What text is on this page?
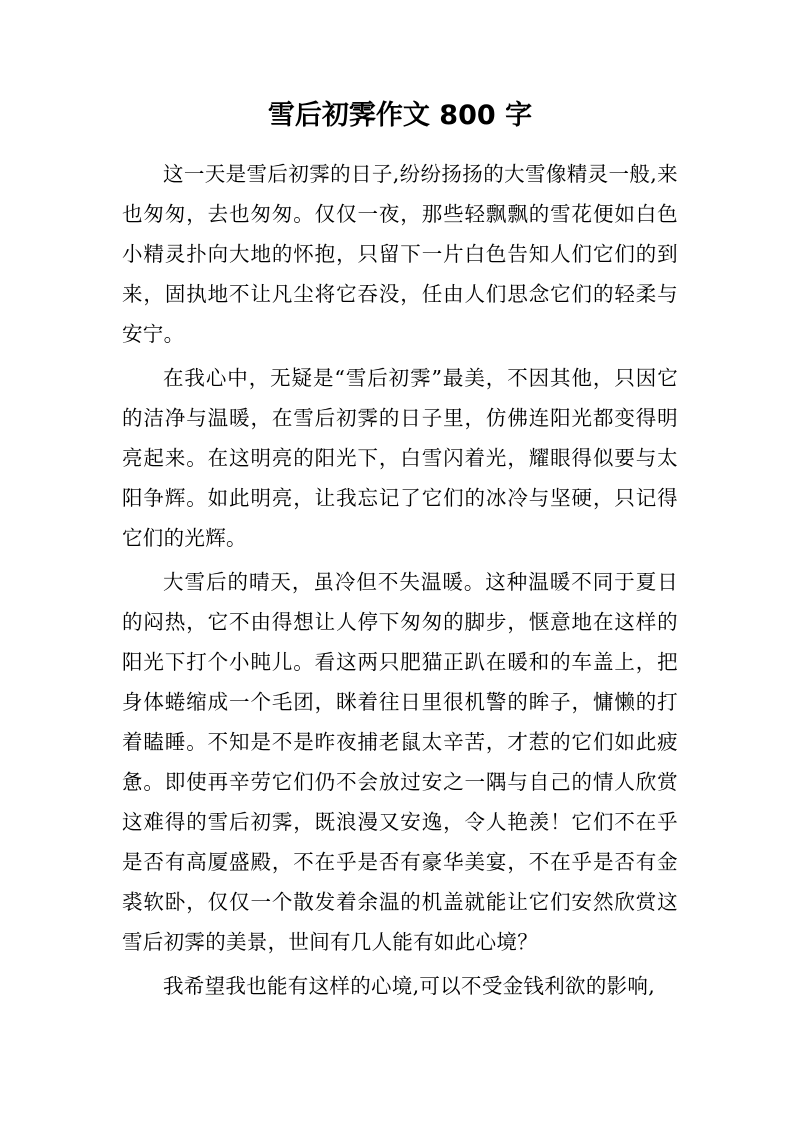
雪后初霁作文 800 字

这一天是雪后初霁的日子,纷纷扬扬的大雪像精灵一般,来也匆匆，去也匆匆。仅仅一夜，那些轻飘飘的雪花便如白色小精灵扑向大地的怀抱，只留下一片白色告知人们它们的到来，固执地不让凡尘将它吞没，任由人们思念它们的轻柔与安宁。

在我心中，无疑是“雪后初霁”最美，不因其他，只因它的洁净与温暖，在雪后初霁的日子里，仿佛连阳光都变得明亮起来。在这明亮的阳光下，白雪闪着光，耀眼得似要与太阳争辉。如此明亮，让我忘记了它们的冰冷与坚硬，只记得它们的光辉。

大雪后的晴天，虽冷但不失温暖。这种温暖不同于夏日的闷热，它不由得想让人停下匆匆的脚步，惬意地在这样的阳光下打个小盹儿。看这两只肥猫正趴在暖和的车盖上，把身体蜷缩成一个毛团，眯着往日里很机警的眸子，慵懒的打着瞌睡。不知是不是昨夜捕老鼠太辛苦，才惹的它们如此疲惫。即使再辛劳它们仍不会放过安之一隅与自己的情人欣赏这难得的雪后初霁，既浪漫又安逸，令人艳羡！它们不在乎是否有高厦盛殿，不在乎是否有豪华美宴，不在乎是否有金裘软卧，仅仅一个散发着余温的机盖就能让它们安然欣赏这雪后初霁的美景，世间有几人能有如此心境？

我希望我也能有这样的心境,可以不受金钱利欲的影响,
